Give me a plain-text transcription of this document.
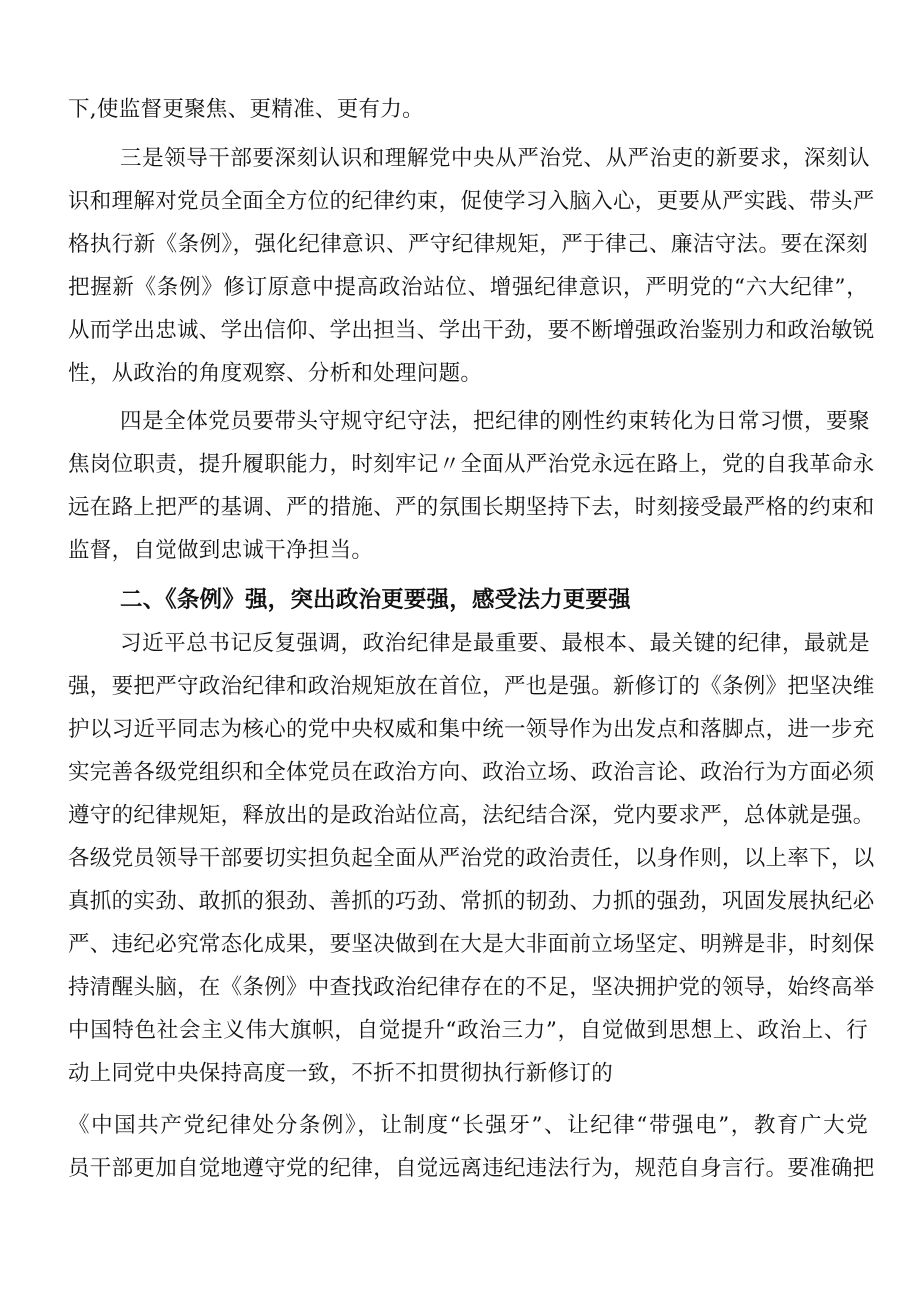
下,使监督更聚焦、更精准、更有力。
三是领导干部要深刻认识和理解党中央从严治党、从严治吏的新要求，深刻认
识和理解对党员全面全方位的纪律约束，促使学习入脑入心，更要从严实践、带头严
格执行新《条例》，强化纪律意识、严守纪律规矩，严于律己、廉洁守法。要在深刻
把握新《条例》修订原意中提高政治站位、增强纪律意识，严明党的“六大纪律”，
从而学出忠诚、学出信仰、学出担当、学出干劲，要不断增强政治鉴别力和政治敏锐
性，从政治的角度观察、分析和处理问题。
四是全体党员要带头守规守纪守法，把纪律的刚性约束转化为日常习惯，要聚
焦岗位职责，提升履职能力，时刻牢记〃全面从严治党永远在路上，党的自我革命永
远在路上把严的基调、严的措施、严的氛围长期坚持下去，时刻接受最严格的约束和
监督，自觉做到忠诚干净担当。
二、《条例》强，突出政治更要强，感受法力更要强
习近平总书记反复强调，政治纪律是最重要、最根本、最关键的纪律，最就是
强，要把严守政治纪律和政治规矩放在首位，严也是强。新修订的《条例》把坚决维
护以习近平同志为核心的党中央权威和集中统一领导作为出发点和落脚点，进一步充
实完善各级党组织和全体党员在政治方向、政治立场、政治言论、政治行为方面必须
遵守的纪律规矩，释放出的是政治站位高，法纪结合深，党内要求严，总体就是强。
各级党员领导干部要切实担负起全面从严治党的政治责任，以身作则，以上率下，以
真抓的实劲、敢抓的狠劲、善抓的巧劲、常抓的韧劲、力抓的强劲，巩固发展执纪必
严、违纪必究常态化成果，要坚决做到在大是大非面前立场坚定、明辨是非，时刻保
持清醒头脑，在《条例》中查找政治纪律存在的不足，坚决拥护党的领导，始终高举
中国特色社会主义伟大旗帜，自觉提升“政治三力”，自觉做到思想上、政治上、行
动上同党中央保持高度一致，不折不扣贯彻执行新修订的
《中国共产党纪律处分条例》，让制度“长强牙”、让纪律“带强电”，教育广大党
员干部更加自觉地遵守党的纪律，自觉远离违纪违法行为，规范自身言行。要准确把
